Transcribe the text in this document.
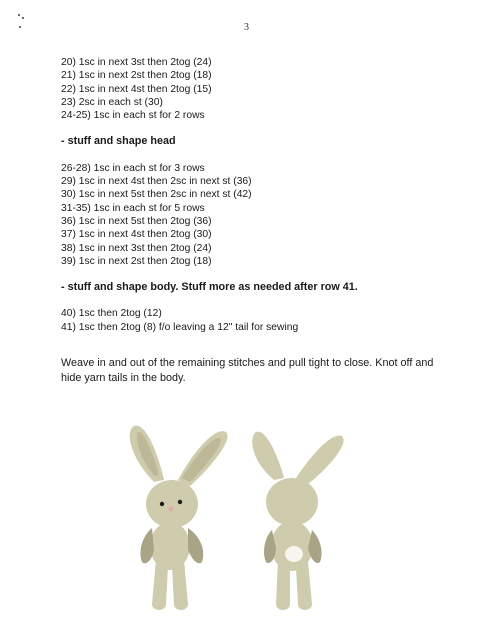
3

20) 1sc in next 3st then 2tog (24)

21) 1sc in next 2st then 2tog (18)

22) 1sc in next 4st then 2tog (15)

23) 2sc in each st (30)

24-25) 1sc in each st for 2 rows

- stuff and shape head

26-28) 1sc in each st for 3 rows

29) 1sc in next 4st then 2sc in next st (36)

30) 1sc in next 5st then 2sc in next st (42)

31-35) 1sc in each st for 5 rows

36) 1sc in next 5st then 2tog (36)

37) 1sc in next 4st then 2tog (30)

38) 1sc in next 3st then 2tog (24)

39) 1sc in next 2st then 2tog (18)

- stuff and shape body. Stuff more as needed after row 41.

40) 1sc then 2tog (12)

41) 1sc then 2tog (8) f/o leaving a 12" tail for sewing

Weave in and out of the remaining stitches and pull tight to close. Knot off and hide yarn tails in the body.
